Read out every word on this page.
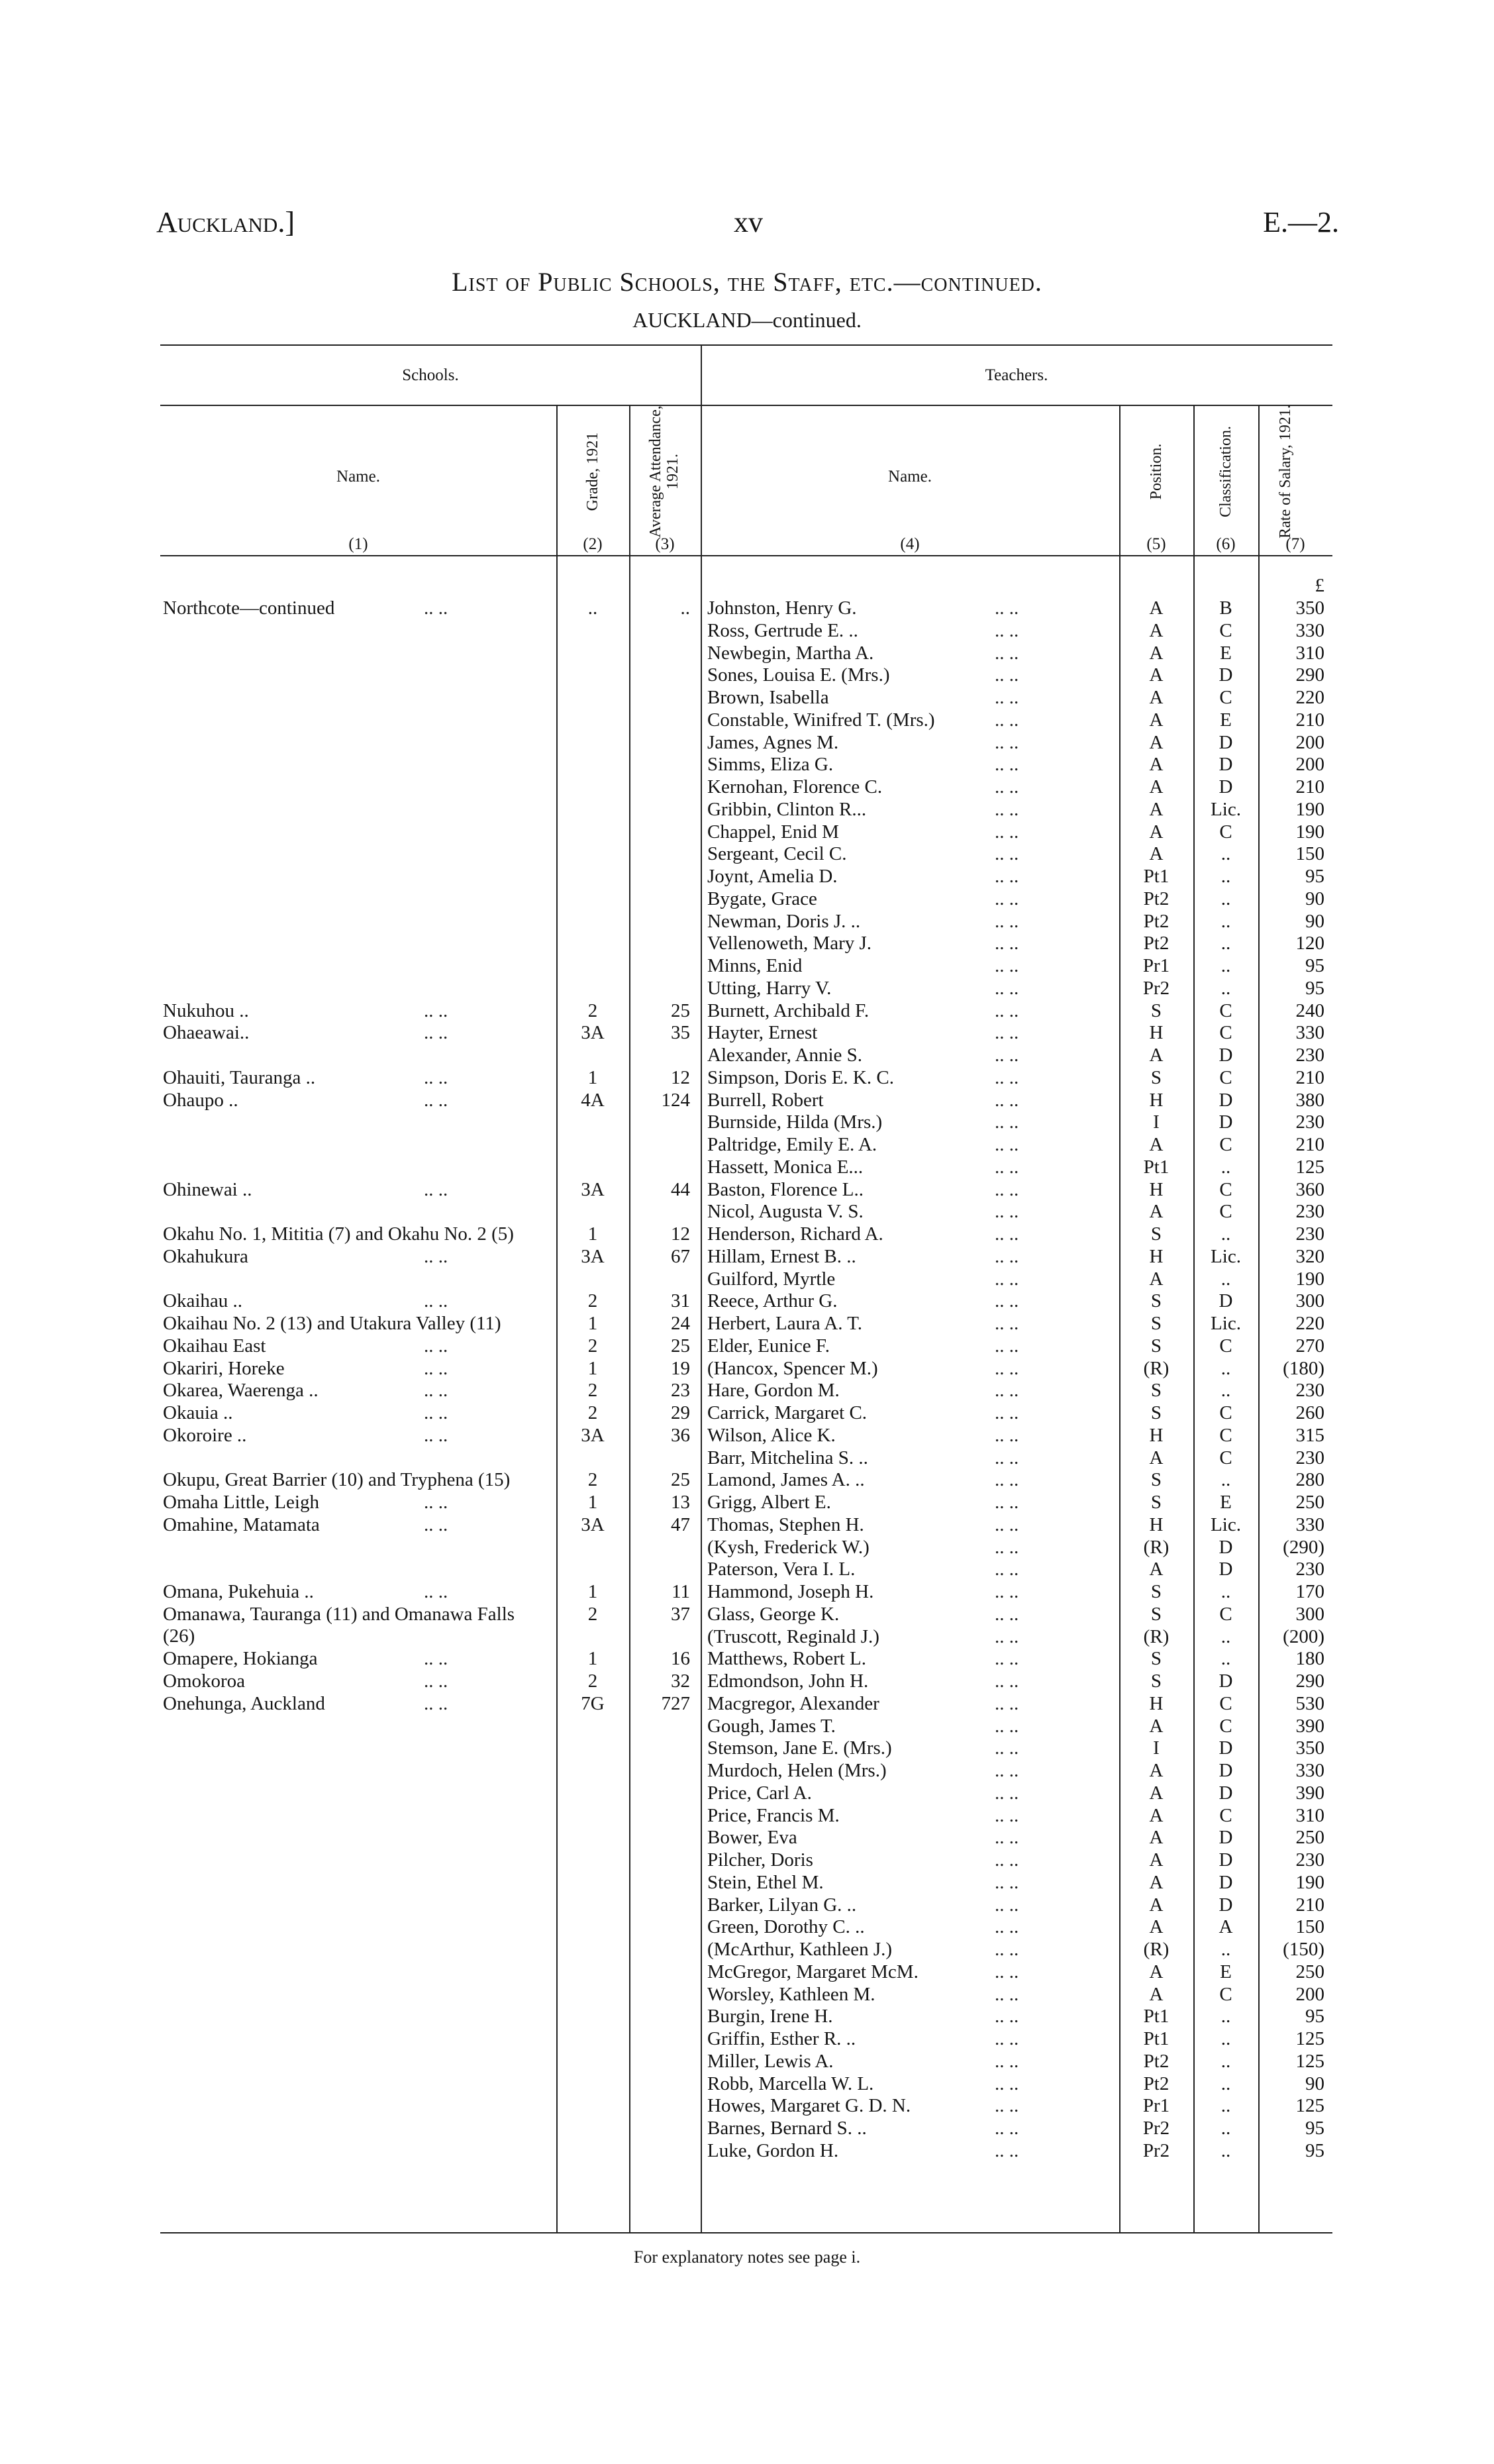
Auckland.]	xv	E.—2.
List of Public Schools, the Staff, etc.—continued.
AUCKLAND—continued.
Schools.	Teachers.
Name.	Grade, 1921	Average Attendance, 1921.	Name.	Position.	Classification.	Rate of Salary, 1921.
(1)	(2)	(3)	(4)	(5)	(6)	(7)
£
Northcote—continued	.. ..	..	.. Johnston, Henry G.	.. ..	A	B	350
Ross, Gertrude E. ..	.. ..	A	C	330
Newbegin, Martha A.	.. ..	A	E	310
Sones, Louisa E. (Mrs.)	.. ..	A	D	290
Brown, Isabella	.. ..	A	C	220
Constable, Winifred T. (Mrs.)	.. ..	A	E	210
James, Agnes M.	.. ..	A	D	200
Simms, Eliza G.	.. ..	A	D	200
Kernohan, Florence C.	.. ..	A	D	210
Gribbin, Clinton R...	.. ..	A	Lic.	190
Chappel, Enid M	.. ..	A	C	190
Sergeant, Cecil C.	.. ..	A	..	150
Joynt, Amelia D.	.. ..	Pt1	..	95
Bygate, Grace	.. ..	Pt2	..	90
Newman, Doris J. ..	.. ..	Pt2	..	90
Vellenoweth, Mary J.	.. ..	Pt2	..	120
Minns, Enid	.. ..	Pr1	..	95
Utting, Harry V.	.. ..	Pr2	..	95
Nukuhou ..	.. ..	2	25 Burnett, Archibald F.	.. ..	S	C	240
Ohaeawai..	.. ..	3A	35 Hayter, Ernest	.. ..	H	C	330
Alexander, Annie S.	.. ..	A	D	230
Ohauiti, Tauranga ..	.. ..	1	12 Simpson, Doris E. K. C.	.. ..	S	C	210
Ohaupo ..	.. ..	4A	124 Burrell, Robert	.. ..	H	D	380
Burnside, Hilda (Mrs.)	.. ..	I	D	230
Paltridge, Emily E. A.	.. ..	A	C	210
Hassett, Monica E...	.. ..	Pt1	..	125
Ohinewai ..	.. ..	3A	44 Baston, Florence L..	.. ..	H	C	360
Nicol, Augusta V. S.	.. ..	A	C	230
Okahu No. 1, Mititia (7) and Okahu No. 2 (5)	1	12 Henderson, Richard A.	.. ..	S	..	230
Okahukura	.. ..	3A	67 Hillam, Ernest B. ..	.. ..	H	Lic.	320
Guilford, Myrtle	.. ..	A	..	190
Okaihau ..	.. ..	2	31 Reece, Arthur G.	.. ..	S	D	300
Okaihau No. 2 (13) and Utakura Valley (11)	1	24 Herbert, Laura A. T.	.. ..	S	Lic.	220
Okaihau East	.. ..	2	25 Elder, Eunice F.	.. ..	S	C	270
Okariri, Horeke	.. ..	1	19 (Hancox, Spencer M.)	.. ..	(R)	..	(180)
Okarea, Waerenga ..	.. ..	2	23 Hare, Gordon M.	.. ..	S	..	230
Okauia ..	.. ..	2	29 Carrick, Margaret C.	.. ..	S	C	260
Okoroire ..	.. ..	3A	36 Wilson, Alice K.	.. ..	H	C	315
Barr, Mitchelina S. ..	.. ..	A	C	230
Okupu, Great Barrier (10) and Tryphena (15)	2	25 Lamond, James A. ..	.. ..	S	..	280
Omaha Little, Leigh	.. ..	1	13 Grigg, Albert E.	.. ..	S	E	250
Omahine, Matamata	.. ..	3A	47 Thomas, Stephen H.	.. ..	H	Lic.	330
(Kysh, Frederick W.)	.. ..	(R)	D	(290)
Paterson, Vera I. L.	.. ..	A	D	230
Omana, Pukehuia ..	.. ..	1	11 Hammond, Joseph H.	.. ..	S	..	170
Omanawa, Tauranga (11) and Omanawa Falls (26)
2	37 Glass, George K.	.. ..	S	C	300
(Truscott, Reginald J.)	.. ..	(R)	..	(200)
Omapere, Hokianga	.. ..	1	16 Matthews, Robert L.	.. ..	S	..	180
Omokoroa	.. ..	2	32 Edmondson, John H.	.. ..	S	D	290
Onehunga, Auckland	.. ..	7G	727 Macgregor, Alexander	.. ..	H	C	530
Gough, James T.	.. ..	A	C	390
Stemson, Jane E. (Mrs.)	.. ..	I	D	350
Murdoch, Helen (Mrs.)	.. ..	A	D	330
Price, Carl A.	.. ..	A	D	390
Price, Francis M.	.. ..	A	C	310
Bower, Eva	.. ..	A	D	250
Pilcher, Doris	.. ..	A	D	230
Stein, Ethel M.	.. ..	A	D	190
Barker, Lilyan G. ..	.. ..	A	D	210
Green, Dorothy C. ..	.. ..	A	A	150
(McArthur, Kathleen J.)	.. ..	(R)	..	(150)
McGregor, Margaret McM.	.. ..	A	E	250
Worsley, Kathleen M.	.. ..	A	C	200
Burgin, Irene H.	.. ..	Pt1	..	95
Griffin, Esther R. ..	.. ..	Pt1	..	125
Miller, Lewis A.	.. ..	Pt2	..	125
Robb, Marcella W. L.	.. ..	Pt2	..	90
Howes, Margaret G. D. N.	.. ..	Pr1	..	125
Barnes, Bernard S. ..	.. ..	Pr2	..	95
Luke, Gordon H.	.. ..	Pr2	..	95
For explanatory notes see page i.
